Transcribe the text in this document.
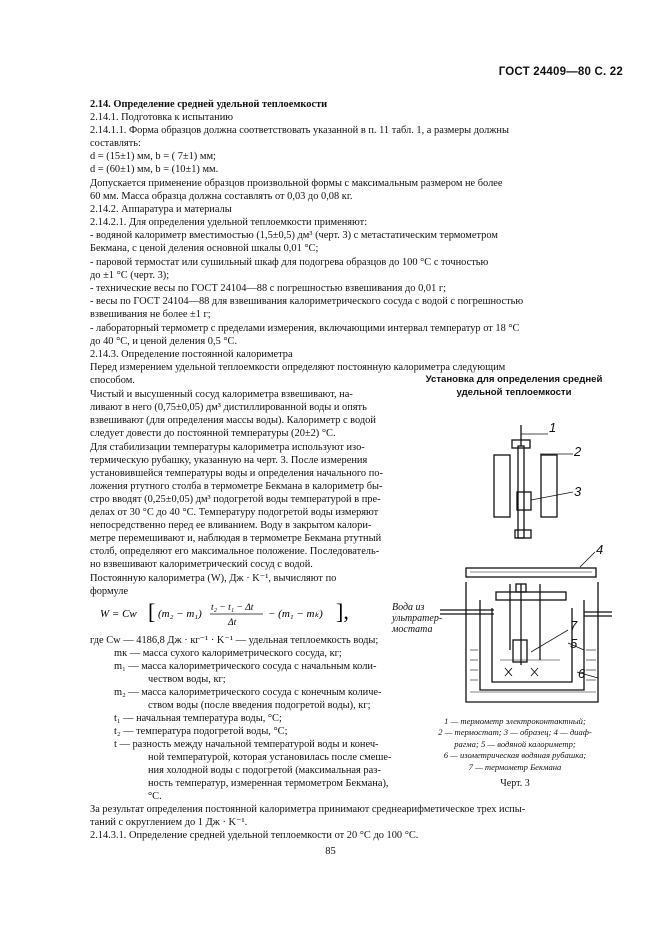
ГОСТ 24409—80 С. 22
2.14. Определение средней удельной теплоемкости
2.14.1. Подготовка к испытанию
2.14.1.1. Форма образцов должна соответствовать указанной в п. 11 табл. 1, а размеры должны
составлять:
d = (15±1) мм, b = ( 7±1) мм;
d = (60±1) мм, b = (10±1) мм.
Допускается применение образцов произвольной формы с максимальным размером не более
60 мм. Масса образца должна составлять от 0,03 до 0,08 кг.
2.14.2. Аппаратура и материалы
2.14.2.1. Для определения удельной теплоемкости применяют:
- водяной калориметр вместимостью (1,5±0,5) дм³ (черт. 3) с метастатическим термометром
Бекмана, с ценой деления основной шкалы 0,01 °C;
- паровой термостат или сушильный шкаф для подогрева образцов до 100 °C с точностью
до ±1 °C (черт. 3);
- технические весы по ГОСТ 24104—88 с погрешностью взвешивания до 0,01 г;
- весы по ГОСТ 24104—88 для взвешивания калориметрического сосуда с водой с погрешностью
взвешивания не более ±1 г;
- лабораторный термометр с пределами измерения, включающими интервал температур от 18 °C
до 40 °C, и ценой деления 0,5 °C.
2.14.3. Определение постоянной калориметра
Перед измерением удельной теплоемкости определяют постоянную калориметра следующим
способом.
Чистый и высушенный сосуд калориметра взвешивают, на-
ливают в него (0,75±0,05) дм³ дистиллированной воды и опять
взвешивают (для определения массы воды). Калориметр с водой
следует довести до постоянной температуры (20±2) °C.
Для стабилизации температуры калориметра используют изо-
термическую рубашку, указанную на черт. 3. После измерения
установившейся температуры воды и определения начального по-
ложения ртутного столба в термометре Бекмана в калориметр бы-
стро вводят (0,25±0,05) дм³ подогретой воды температурой в пре-
делах от 30 °C до 40 °C. Температуру подогретой воды измеряют
непосредственно перед ее вливанием. Воду в закрытом калори-
метре перемешивают и, наблюдая в термометре Бекмана ртутный
столб, определяют его максимальное положение. Последователь-
но взвешивают калориметрический сосуд с водой.
Постоянную калориметра (W), Дж · K⁻¹, вычисляют по
формуле
где Cw — 4186,8 Дж · кг⁻¹ · K⁻¹ — удельная теплоемкость воды;
mк — масса сухого калориметрического сосуда, кг;
m₁ — масса калориметрического сосуда с начальным коли-
чеством воды, кг;
m₂ — масса калориметрического сосуда с конечным количе-
ством воды (после введения подогретой воды), кг;
t₁ — начальная температура воды, °C;
t₂ — температура подогретой воды, °C;
t — разность между начальной температурой воды и конеч-
ной температурой, которая установилась после смеше-
ния холодной воды с подогретой (максимальная раз-
ность температур, измеренная термометром Бекмана),
°C.
За результат определения постоянной калориметра принимают среднеарифметическое трех испы-
таний с округлением до 1 Дж · K⁻¹.
2.14.3.1. Определение средней удельной теплоемкости от 20 °C до 100 °C.
W = Cw [ (m₂ − m₁) t₂ − t₁ − Δt
Δt
− (m₁ − mₖ) ],
Установка для определения средней
удельной теплоемкости
1
2
3
4
7
5
6
Вода из
ультратер-
мостата
1 — термометр электроконтактный;
2 — термостат; 3 — образец; 4 — диаф-
рагма; 5 — водяной калориметр;
6 — изометрическая водяная рубашка;
7 — термометр Бекмана
Черт. 3
85
